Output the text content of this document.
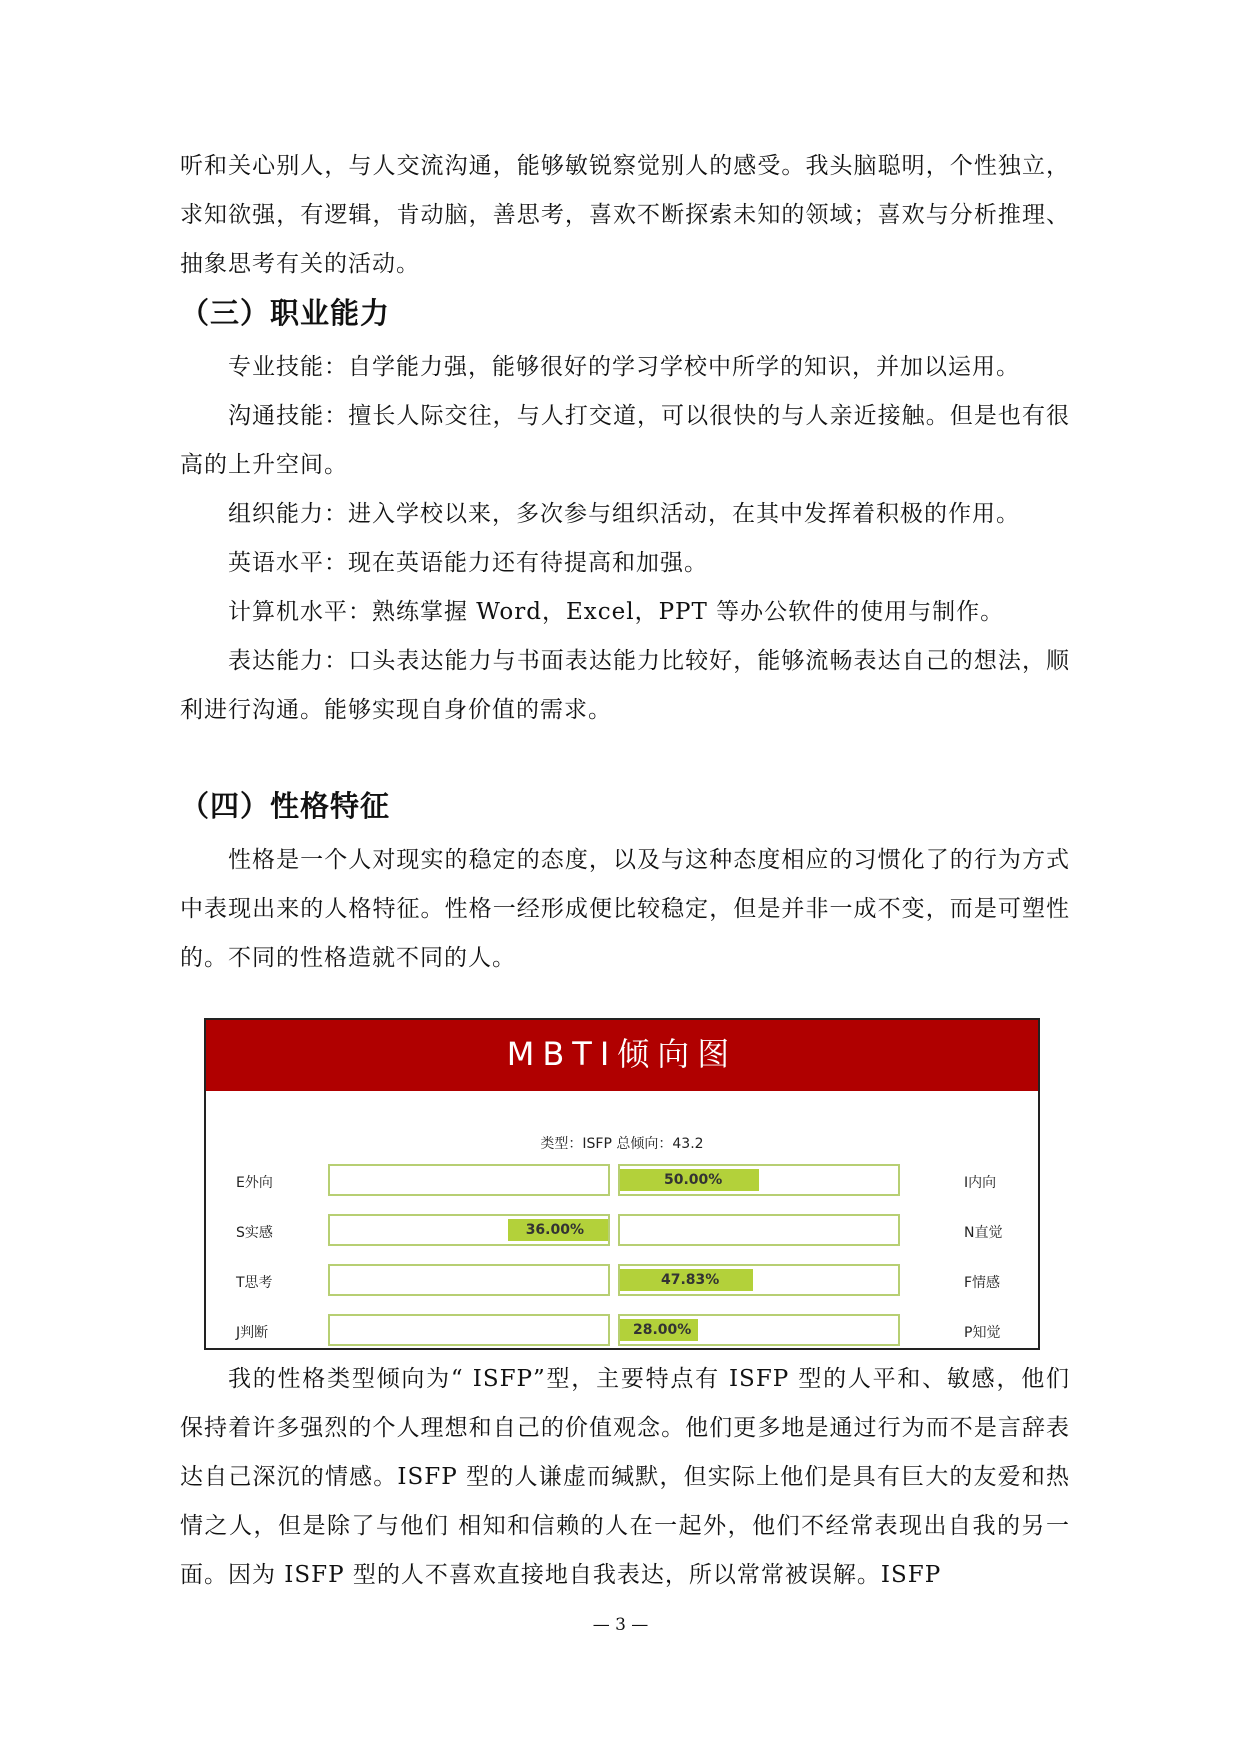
听和关心别人，与人交流沟通，能够敏锐察觉别人的感受。我头脑聪明，个性独立，求知欲强，有逻辑，肯动脑，善思考，喜欢不断探索未知的领域；喜欢与分析推理、抽象思考有关的活动。
（三）职业能力
专业技能：自学能力强，能够很好的学习学校中所学的知识，并加以运用。
沟通技能：擅长人际交往，与人打交道，可以很快的与人亲近接触。但是也有很高的上升空间。
组织能力：进入学校以来，多次参与组织活动，在其中发挥着积极的作用。
英语水平：现在英语能力还有待提高和加强。
计算机水平：熟练掌握 Word，Excel，PPT 等办公软件的使用与制作。
表达能力：口头表达能力与书面表达能力比较好，能够流畅表达自己的想法，顺利进行沟通。能够实现自身价值的需求。
（四）性格特征
性格是一个人对现实的稳定的态度，以及与这种态度相应的习惯化了的行为方式中表现出来的人格特征。性格一经形成便比较稳定，但是并非一成不变，而是可塑性的。不同的性格造就不同的人。
MBTI倾向图
类型：ISFP 总倾向：43.2
E外向	I内向
50.00%
S实感	N直觉
36.00%
T思考	F情感
47.83%
J判断	P知觉
28.00%
我的性格类型倾向为“ ISFP”型，主要特点有 ISFP 型的人平和、敏感，他们保持着许多强烈的个人理想和自己的价值观念。他们更多地是通过行为而不是言辞表达自己深沉的情感。ISFP 型的人谦虚而缄默，但实际上他们是具有巨大的友爱和热情之人，但是除了与他们 相知和信赖的人在一起外，他们不经常表现出自我的另一面。因为 ISFP 型的人不喜欢直接地自我表达，所以常常被误解。ISFP
— 3 —
